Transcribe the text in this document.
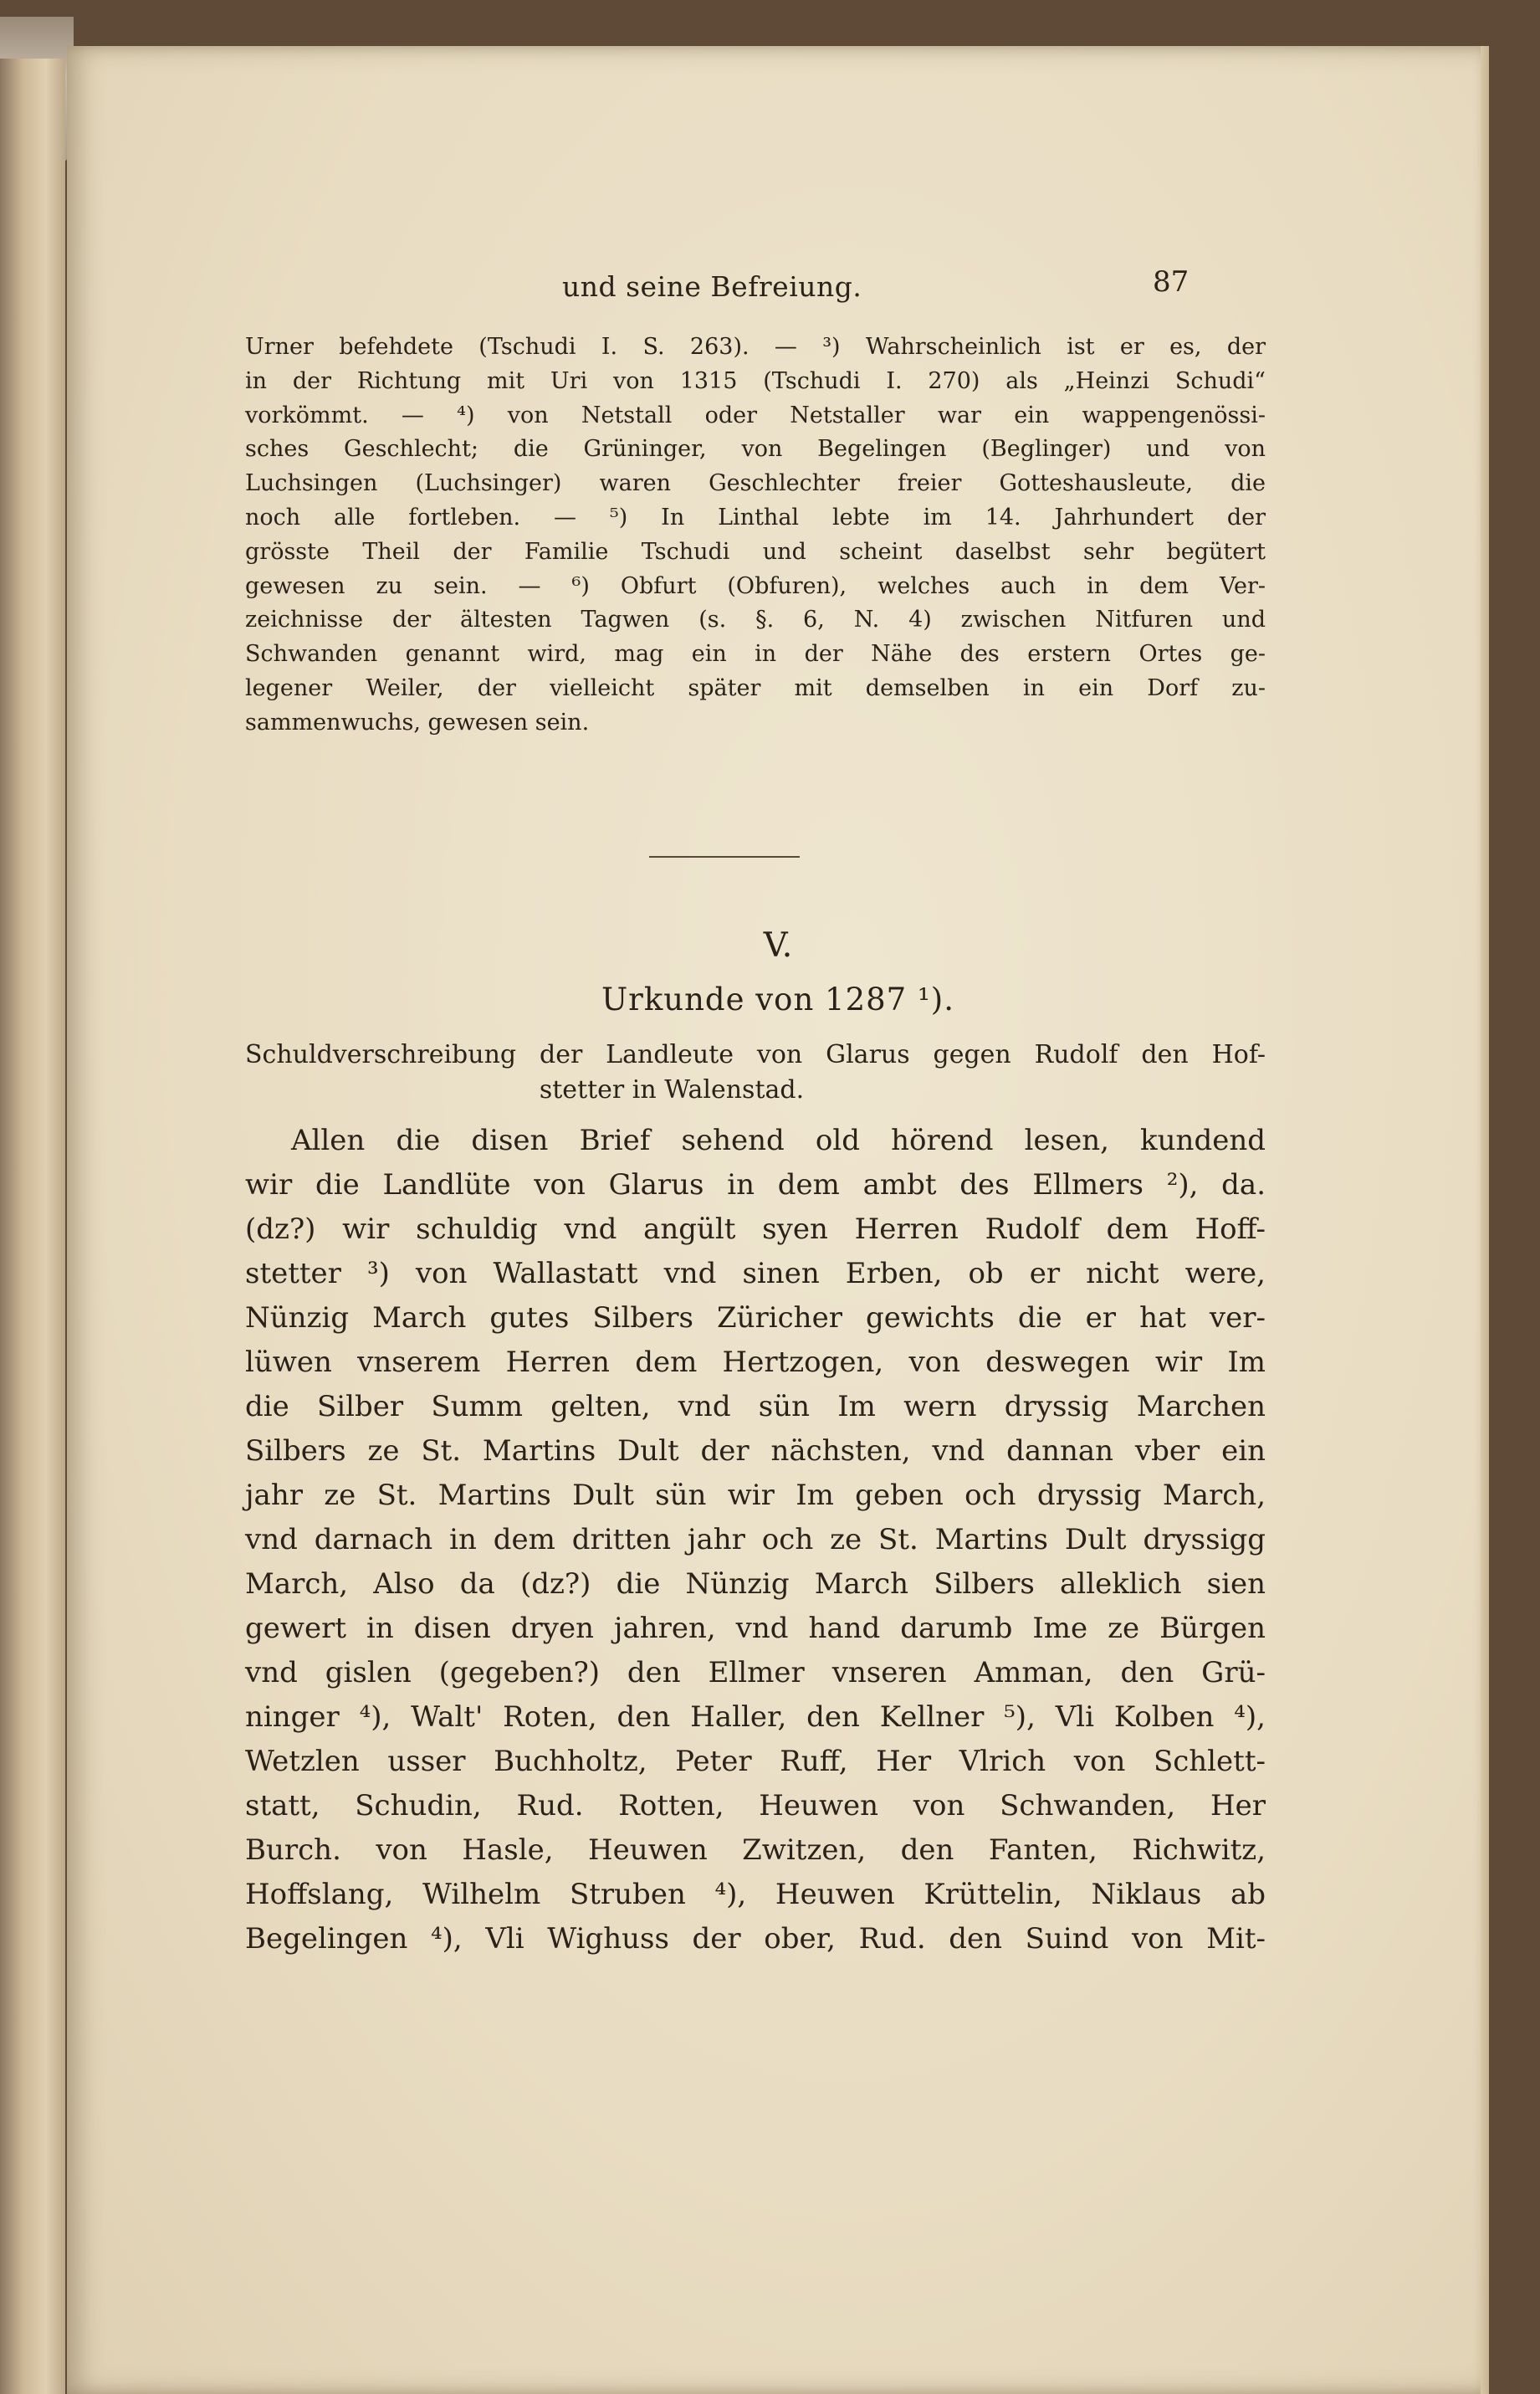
und seine Befreiung.	87
Urner befehdete (Tschudi I. S. 263). — ³) Wahrscheinlich ist er es, der
in der Richtung mit Uri von 1315 (Tschudi I. 270) als „Heinzi Schudi“
vorkömmt. — ⁴) von Netstall oder Netstaller war ein wappengenössi-
sches Geschlecht; die Grüninger, von Begelingen (Beglinger) und von
Luchsingen (Luchsinger) waren Geschlechter freier Gotteshausleute, die
noch alle fortleben. — ⁵) In Linthal lebte im 14. Jahrhundert der
grösste Theil der Familie Tschudi und scheint daselbst sehr begütert
gewesen zu sein. — ⁶) Obfurt (Obfuren), welches auch in dem Ver-
zeichnisse der ältesten Tagwen (s. §. 6, N. 4) zwischen Nitfuren und
Schwanden genannt wird, mag ein in der Nähe des erstern Ortes ge-
legener Weiler, der vielleicht später mit demselben in ein Dorf zu-
sammenwuchs, gewesen sein.
V.
Urkunde von 1287 ¹).
Schuldverschreibung der Landleute von Glarus gegen Rudolf den Hof-
stetter in Walenstad.
Allen die disen Brief sehend old hörend lesen, kundend
wir die Landlüte von Glarus in dem ambt des Ellmers ²), da.
(dz?) wir schuldig vnd angült syen Herren Rudolf dem Hoff-
stetter ³) von Wallastatt vnd sinen Erben, ob er nicht were,
Nünzig March gutes Silbers Züricher gewichts die er hat ver-
lüwen vnserem Herren dem Hertzogen, von deswegen wir Im
die Silber Summ gelten, vnd sün Im wern dryssig Marchen
Silbers ze St. Martins Dult der nächsten, vnd dannan vber ein
jahr ze St. Martins Dult sün wir Im geben och dryssig March,
vnd darnach in dem dritten jahr och ze St. Martins Dult dryssigg
March, Also da (dz?) die Nünzig March Silbers alleklich sien
gewert in disen dryen jahren, vnd hand darumb Ime ze Bürgen
vnd gislen (gegeben?) den Ellmer vnseren Amman, den Grü-
ninger ⁴), Walt' Roten, den Haller, den Kellner ⁵), Vli Kolben ⁴),
Wetzlen usser Buchholtz, Peter Ruff, Her Vlrich von Schlett-
statt, Schudin, Rud. Rotten, Heuwen von Schwanden, Her
Burch. von Hasle, Heuwen Zwitzen, den Fanten, Richwitz,
Hoffslang, Wilhelm Struben ⁴), Heuwen Krüttelin, Niklaus ab
Begelingen ⁴), Vli Wighuss der ober, Rud. den Suind von Mit-
